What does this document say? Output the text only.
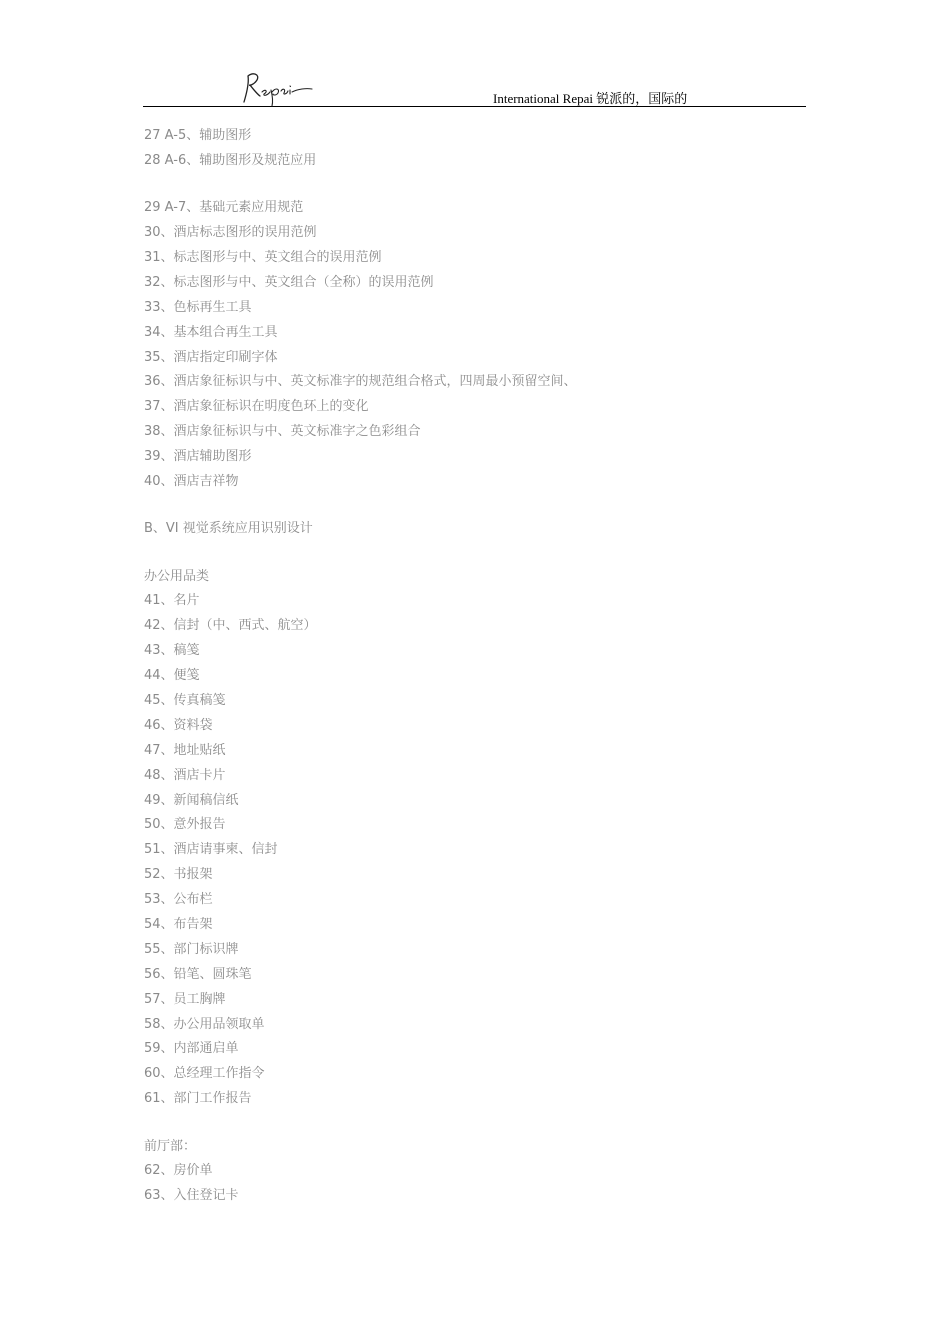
International Repai 锐派的，国际的
27 A-5、辅助图形
28 A-6、辅助图形及规范应用
29 A-7、基础元素应用规范
30、酒店标志图形的误用范例
31、标志图形与中、英文组合的误用范例
32、标志图形与中、英文组合（全称）的误用范例
33、色标再生工具
34、基本组合再生工具
35、酒店指定印刷字体
36、酒店象征标识与中、英文标准字的规范组合格式，四周最小预留空间、
37、酒店象征标识在明度色环上的变化
38、酒店象征标识与中、英文标准字之色彩组合
39、酒店辅助图形
40、酒店吉祥物
B、VI 视觉系统应用识别设计
办公用品类
41、名片
42、信封（中、西式、航空）
43、稿笺
44、便笺
45、传真稿笺
46、资料袋
47、地址贴纸
48、酒店卡片
49、新闻稿信纸
50、意外报告
51、酒店请事柬、信封
52、书报架
53、公布栏
54、布告架
55、部门标识牌
56、铅笔、圆珠笔
57、员工胸牌
58、办公用品领取单
59、内部通启单
60、总经理工作指令
61、部门工作报告
前厅部：
62、房价单
63、入住登记卡
